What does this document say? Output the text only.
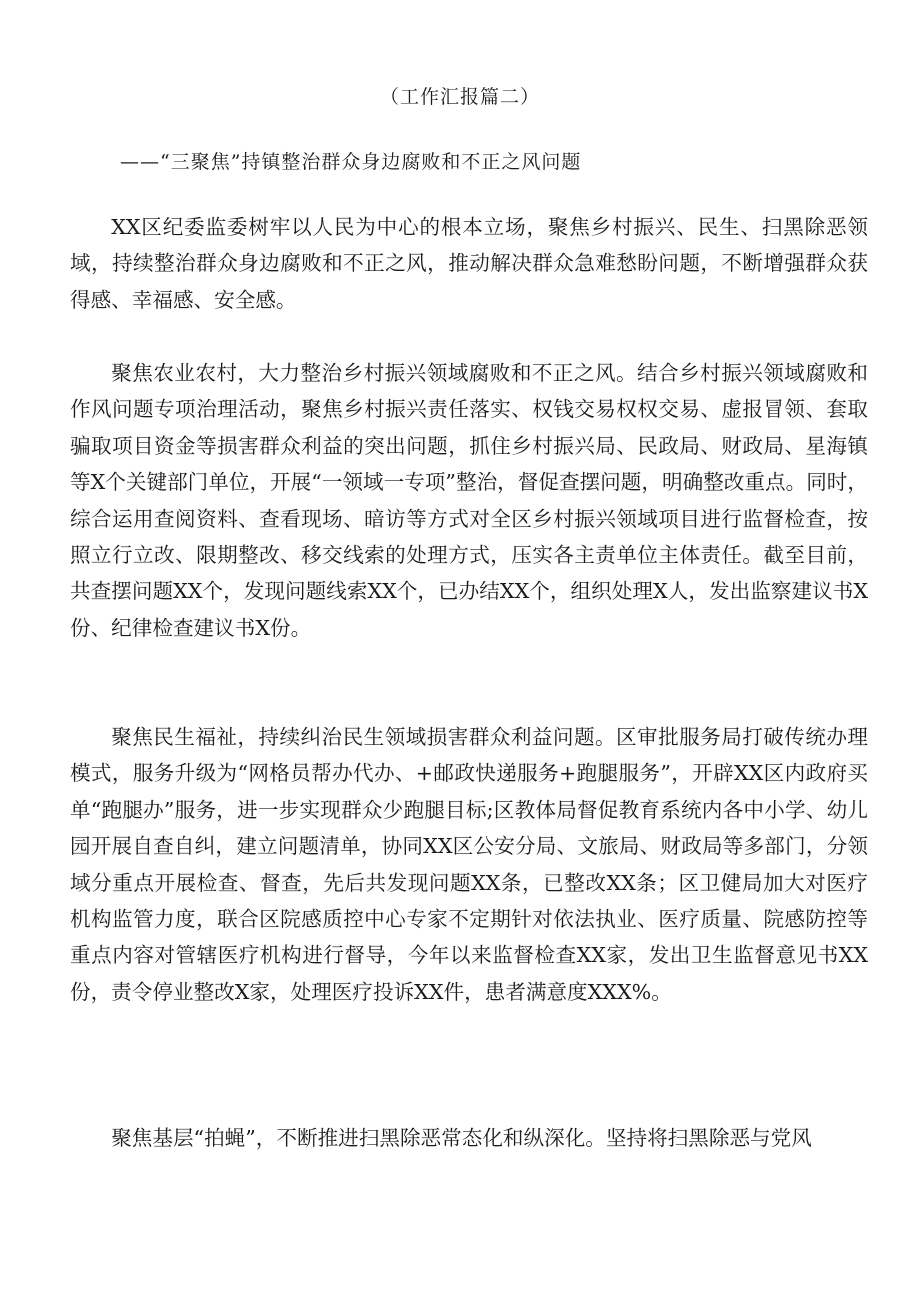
（工作汇报篇二）
——“三聚焦”持镇整治群众身边腐败和不正之风问题

XX区纪委监委树牢以人民为中心的根本立场，聚焦乡村振兴、民生、扫黑除恶领域，持续整治群众身边腐败和不正之风，推动解决群众急难愁盼问题，不断增强群众获得感、幸福感、安全感。

聚焦农业农村，大力整治乡村振兴领域腐败和不正之风。结合乡村振兴领域腐败和作风问题专项治理活动，聚焦乡村振兴责任落实、权钱交易权权交易、虚报冒领、套取骗取项目资金等损害群众利益的突出问题，抓住乡村振兴局、民政局、财政局、星海镇等X个关键部门单位，开展“一领域一专项”整治，督促查摆问题，明确整改重点。同时，综合运用查阅资料、查看现场、暗访等方式对全区乡村振兴领域项目进行监督检查，按照立行立改、限期整改、移交线索的处理方式，压实各主责单位主体责任。截至目前，共查摆问题XX个，发现问题线索XX个，已办结XX个，组织处理X人，发出监察建议书X份、纪律检查建议书X份。

聚焦民生福祉，持续纠治民生领域损害群众利益问题。区审批服务局打破传统办理模式，服务升级为“网格员帮办代办、+邮政快递服务+跑腿服务”，开辟XX区内政府买单“跑腿办”服务，进一步实现群众少跑腿目标;区教体局督促教育系统内各中小学、幼儿园开展自查自纠，建立问题清单，协同XX区公安分局、文旅局、财政局等多部门，分领域分重点开展检查、督查，先后共发现问题XX条，已整改XX条；区卫健局加大对医疗机构监管力度，联合区院感质控中心专家不定期针对依法执业、医疗质量、院感防控等重点内容对管辖医疗机构进行督导，今年以来监督检查XX家，发出卫生监督意见书XX份，责令停业整改X家，处理医疗投诉XX件，患者满意度XXX%。

聚焦基层“拍蝇”，不断推进扫黑除恶常态化和纵深化。坚持将扫黑除恶与党风
